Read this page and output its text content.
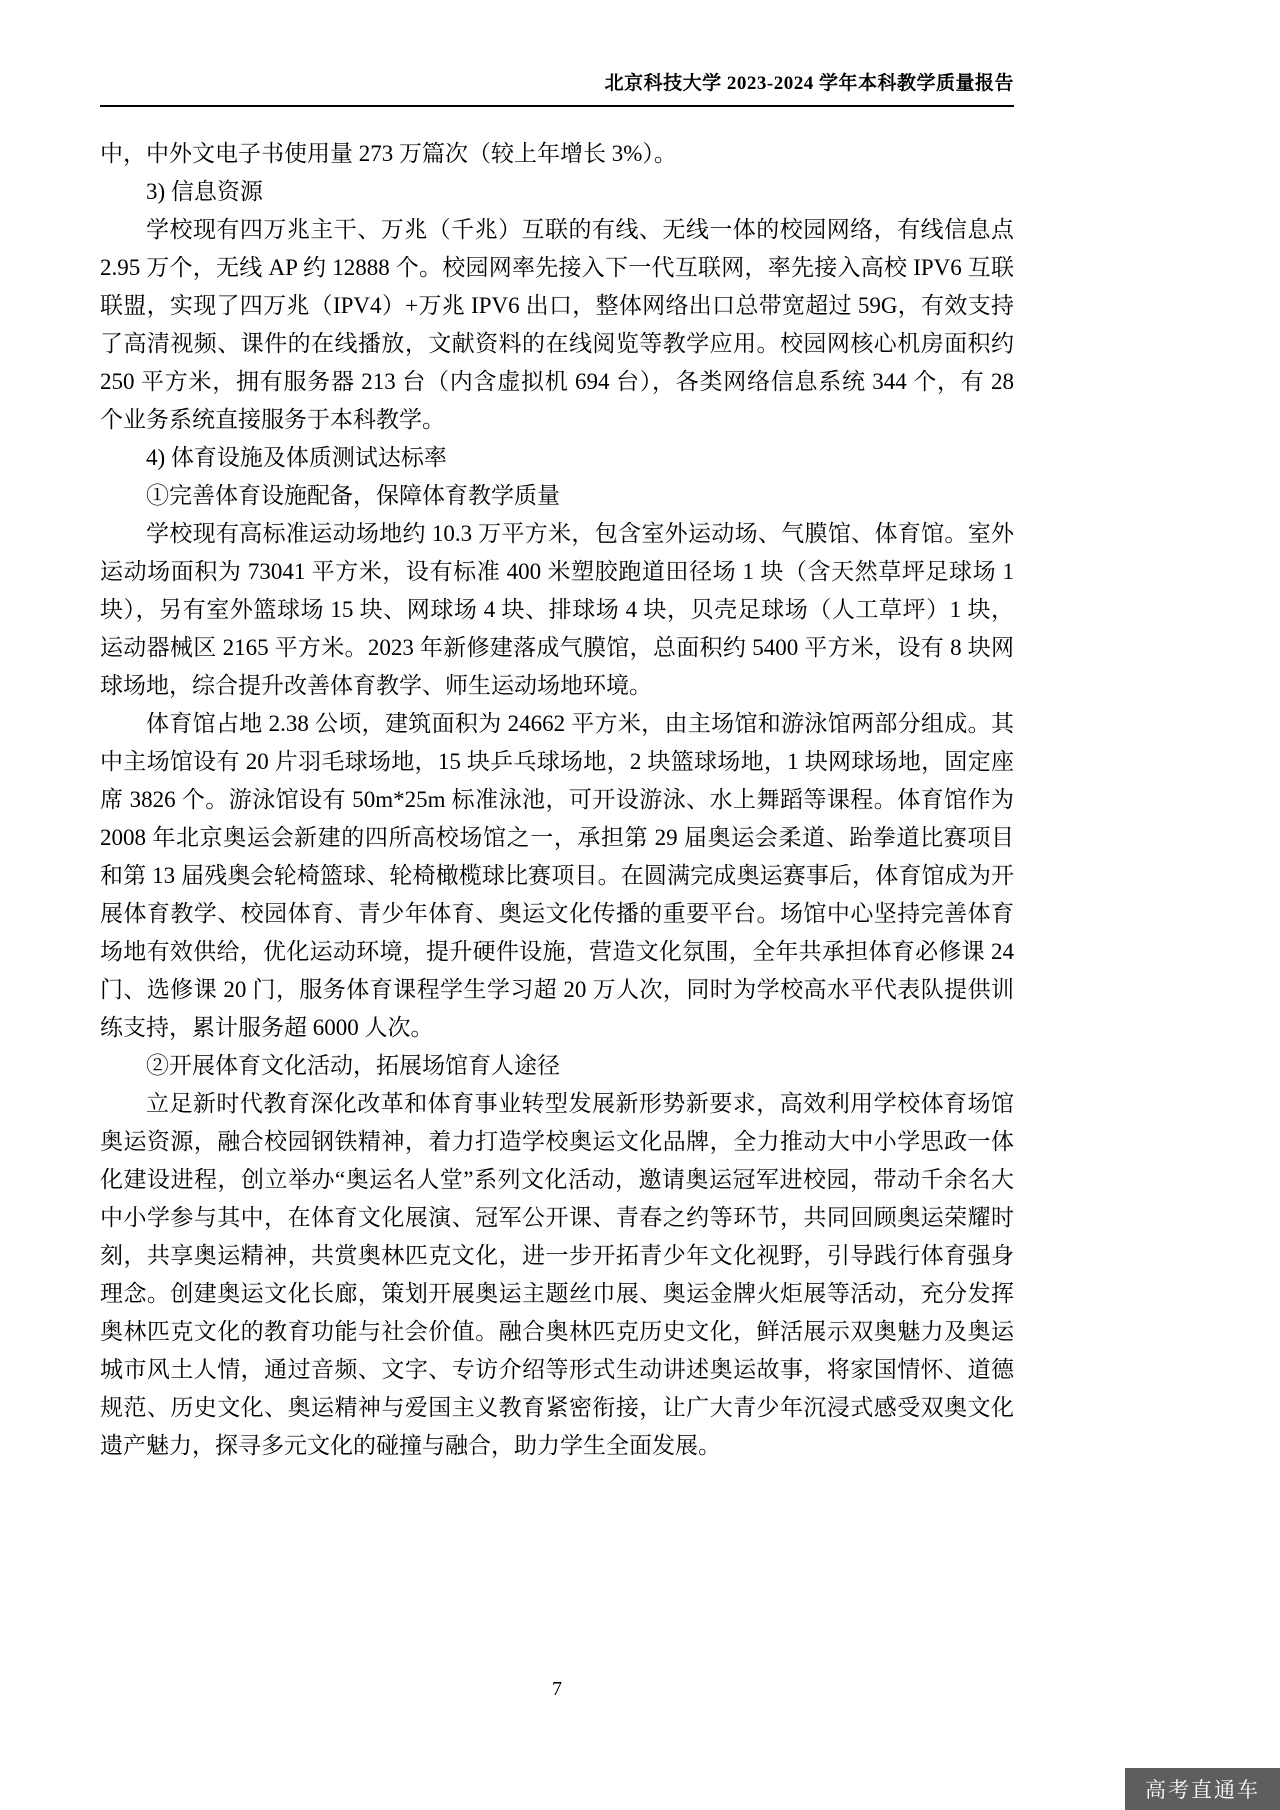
北京科技大学 2023-2024 学年本科教学质量报告

中，中外文电子书使用量 273 万篇次（较上年增长 3%）。

3) 信息资源

学校现有四万兆主干、万兆（千兆）互联的有线、无线一体的校园网络，有线信息点 2.95 万个，无线 AP 约 12888 个。校园网率先接入下一代互联网，率先接入高校 IPV6 互联联盟，实现了四万兆（IPV4）+万兆 IPV6 出口，整体网络出口总带宽超过 59G，有效支持了高清视频、课件的在线播放，文献资料的在线阅览等教学应用。校园网核心机房面积约 250 平方米，拥有服务器 213 台（内含虚拟机 694 台），各类网络信息系统 344 个，有 28 个业务系统直接服务于本科教学。

4) 体育设施及体质测试达标率

①完善体育设施配备，保障体育教学质量

学校现有高标准运动场地约 10.3 万平方米，包含室外运动场、气膜馆、体育馆。室外运动场面积为 73041 平方米，设有标准 400 米塑胶跑道田径场 1 块（含天然草坪足球场 1 块），另有室外篮球场 15 块、网球场 4 块、排球场 4 块，贝壳足球场（人工草坪）1 块，运动器械区 2165 平方米。2023 年新修建落成气膜馆，总面积约 5400 平方米，设有 8 块网球场地，综合提升改善体育教学、师生运动场地环境。

体育馆占地 2.38 公顷，建筑面积为 24662 平方米，由主场馆和游泳馆两部分组成。其中主场馆设有 20 片羽毛球场地，15 块乒乓球场地，2 块篮球场地，1 块网球场地，固定座席 3826 个。游泳馆设有 50m*25m 标准泳池，可开设游泳、水上舞蹈等课程。体育馆作为 2008 年北京奥运会新建的四所高校场馆之一，承担第 29 届奥运会柔道、跆拳道比赛项目和第 13 届残奥会轮椅篮球、轮椅橄榄球比赛项目。在圆满完成奥运赛事后，体育馆成为开展体育教学、校园体育、青少年体育、奥运文化传播的重要平台。场馆中心坚持完善体育场地有效供给，优化运动环境，提升硬件设施，营造文化氛围，全年共承担体育必修课 24 门、选修课 20 门，服务体育课程学生学习超 20 万人次，同时为学校高水平代表队提供训练支持，累计服务超 6000 人次。

②开展体育文化活动，拓展场馆育人途径

立足新时代教育深化改革和体育事业转型发展新形势新要求，高效利用学校体育场馆奥运资源，融合校园钢铁精神，着力打造学校奥运文化品牌，全力推动大中小学思政一体化建设进程，创立举办“奥运名人堂”系列文化活动，邀请奥运冠军进校园，带动千余名大中小学参与其中，在体育文化展演、冠军公开课、青春之约等环节，共同回顾奥运荣耀时刻，共享奥运精神，共赏奥林匹克文化，进一步开拓青少年文化视野，引导践行体育强身理念。创建奥运文化长廊，策划开展奥运主题丝巾展、奥运金牌火炬展等活动，充分发挥奥林匹克文化的教育功能与社会价值。融合奥林匹克历史文化，鲜活展示双奥魅力及奥运城市风土人情，通过音频、文字、专访介绍等形式生动讲述奥运故事，将家国情怀、道德规范、历史文化、奥运精神与爱国主义教育紧密衔接，让广大青少年沉浸式感受双奥文化遗产魅力，探寻多元文化的碰撞与融合，助力学生全面发展。

7
高考直通车
